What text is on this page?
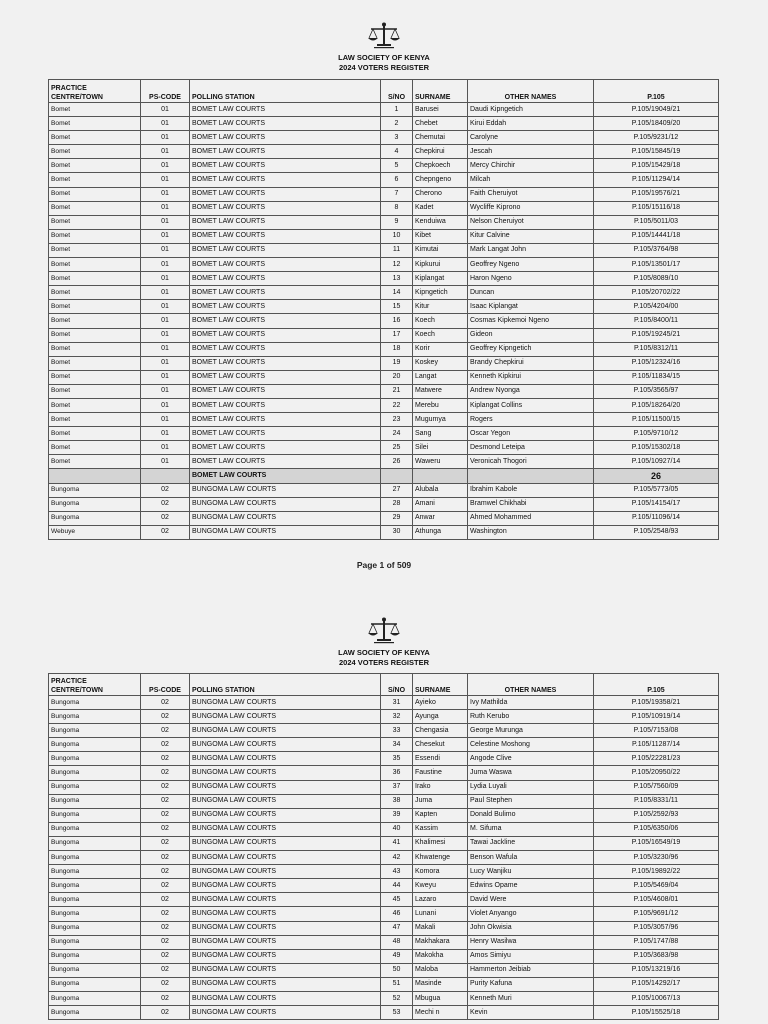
LAW SOCIETY OF KENYA
2024 VOTERS REGISTER
PRACTICE
CENTRE/TOWN	PS-CODE	POLLING STATION	S/NO	SURNAME	OTHER NAMES	P.105
Bomet	01	BOMET LAW COURTS	1	Barusei	Daudi Kipngetich	P.105/19049/21
Bomet	01	BOMET LAW COURTS	2	Chebet	Kirui Eddah	P.105/18409/20
Bomet	01	BOMET LAW COURTS	3	Chemutai	Carolyne	P.105/9231/12
Bomet	01	BOMET LAW COURTS	4	Chepkirui	Jescah	P.105/15845/19
Bomet	01	BOMET LAW COURTS	5	Chepkoech	Mercy Chirchir	P.105/15429/18
Bomet	01	BOMET LAW COURTS	6	Chepngeno	Milcah	P.105/11294/14
Bomet	01	BOMET LAW COURTS	7	Cherono	Faith Cheruiyot	P.105/19576/21
Bomet	01	BOMET LAW COURTS	8	Kadet	Wycliffe Kiprono	P.105/15116/18
Bomet	01	BOMET LAW COURTS	9	Kenduiwa	Nelson Cheruiyot	P.105/5011/03
Bomet	01	BOMET LAW COURTS	10	Kibet	Kitur Calvine	P.105/14441/18
Bomet	01	BOMET LAW COURTS	11	Kimutai	Mark Langat John	P.105/3764/98
Bomet	01	BOMET LAW COURTS	12	Kipkurui	Geoffrey Ngeno	P.105/13501/17
Bomet	01	BOMET LAW COURTS	13	Kiplangat	Haron Ngeno	P.105/8089/10
Bomet	01	BOMET LAW COURTS	14	Kipngetich	Duncan	P.105/20702/22
Bomet	01	BOMET LAW COURTS	15	Kitur	Isaac Kiplangat	P.105/4204/00
Bomet	01	BOMET LAW COURTS	16	Koech	Cosmas Kipkemoi Ngeno	P.105/8400/11
Bomet	01	BOMET LAW COURTS	17	Koech	Gideon	P.105/19245/21
Bomet	01	BOMET LAW COURTS	18	Korir	Geoffrey Kipngetich	P.105/8312/11
Bomet	01	BOMET LAW COURTS	19	Koskey	Brandy Chepkirui	P.105/12324/16
Bomet	01	BOMET LAW COURTS	20	Langat	Kenneth Kipkirui	P.105/11834/15
Bomet	01	BOMET LAW COURTS	21	Matwere	Andrew Nyonga	P.105/3565/97
Bomet	01	BOMET LAW COURTS	22	Merebu	Kiplangat Collins	P.105/18264/20
Bomet	01	BOMET LAW COURTS	23	Mugumya	Rogers	P.105/11500/15
Bomet	01	BOMET LAW COURTS	24	Sang	Oscar Yegon	P.105/9710/12
Bomet	01	BOMET LAW COURTS	25	Silei	Desmond Leteipa	P.105/15302/18
Bomet	01	BOMET LAW COURTS	26	Waweru	Veronicah Thogori	P.105/10927/14
		BOMET LAW COURTS				26
Bungoma	02	BUNGOMA LAW COURTS	27	Alubala	Ibrahim Kabole	P.105/5773/05
Bungoma	02	BUNGOMA LAW COURTS	28	Amani	Bramwel Chikhabi	P.105/14154/17
Bungoma	02	BUNGOMA LAW COURTS	29	Anwar	Ahmed Mohammed	P.105/11096/14
Webuye	02	BUNGOMA LAW COURTS	30	Athunga	Washington	P.105/2548/93
Page 1 of 509
LAW SOCIETY OF KENYA
2024 VOTERS REGISTER
PRACTICE
CENTRE/TOWN	PS-CODE	POLLING STATION	S/NO	SURNAME	OTHER NAMES	P.105
Bungoma	02	BUNGOMA LAW COURTS	31	Ayieko	Ivy Mathilda	P.105/19358/21
Bungoma	02	BUNGOMA LAW COURTS	32	Ayunga	Ruth Kerubo	P.105/10919/14
Bungoma	02	BUNGOMA LAW COURTS	33	Chengasia	George Murunga	P.105/7153/08
Bungoma	02	BUNGOMA LAW COURTS	34	Chesekut	Celestine Moshong	P.105/11287/14
Bungoma	02	BUNGOMA LAW COURTS	35	Essendi	Angode Clive	P.105/22281/23
Bungoma	02	BUNGOMA LAW COURTS	36	Faustine	Juma Waswa	P.105/20950/22
Bungoma	02	BUNGOMA LAW COURTS	37	Irako	Lydia Luyali	P.105/7560/09
Bungoma	02	BUNGOMA LAW COURTS	38	Juma	Paul Stephen	P.105/8331/11
Bungoma	02	BUNGOMA LAW COURTS	39	Kapten	Donald Bulimo	P.105/2592/93
Bungoma	02	BUNGOMA LAW COURTS	40	Kassim	M. Sifuma	P.105/6350/06
Bungoma	02	BUNGOMA LAW COURTS	41	Khalimesi	Tawai Jackline	P.105/16549/19
Bungoma	02	BUNGOMA LAW COURTS	42	Khwatenge	Benson Wafula	P.105/3230/96
Bungoma	02	BUNGOMA LAW COURTS	43	Komora	Lucy Wanjiku	P.105/19892/22
Bungoma	02	BUNGOMA LAW COURTS	44	Kweyu	Edwins Opame	P.105/5469/04
Bungoma	02	BUNGOMA LAW COURTS	45	Lazaro	David Were	P.105/4608/01
Bungoma	02	BUNGOMA LAW COURTS	46	Lunani	Violet Anyango	P.105/9691/12
Bungoma	02	BUNGOMA LAW COURTS	47	Makali	John Okwisia	P.105/3057/96
Bungoma	02	BUNGOMA LAW COURTS	48	Makhakara	Henry Wasilwa	P.105/1747/88
Bungoma	02	BUNGOMA LAW COURTS	49	Makokha	Amos Simiyu	P.105/3683/98
Bungoma	02	BUNGOMA LAW COURTS	50	Maloba	Hammerton Jeibiab	P.105/13219/16
Bungoma	02	BUNGOMA LAW COURTS	51	Masinde	Purity Kafuna	P.105/14292/17
Bungoma	02	BUNGOMA LAW COURTS	52	Mbugua	Kenneth Muri	P.105/10067/13
Bungoma	02	BUNGOMA LAW COURTS	53	Mechi n	Kevin	P.105/15525/18
